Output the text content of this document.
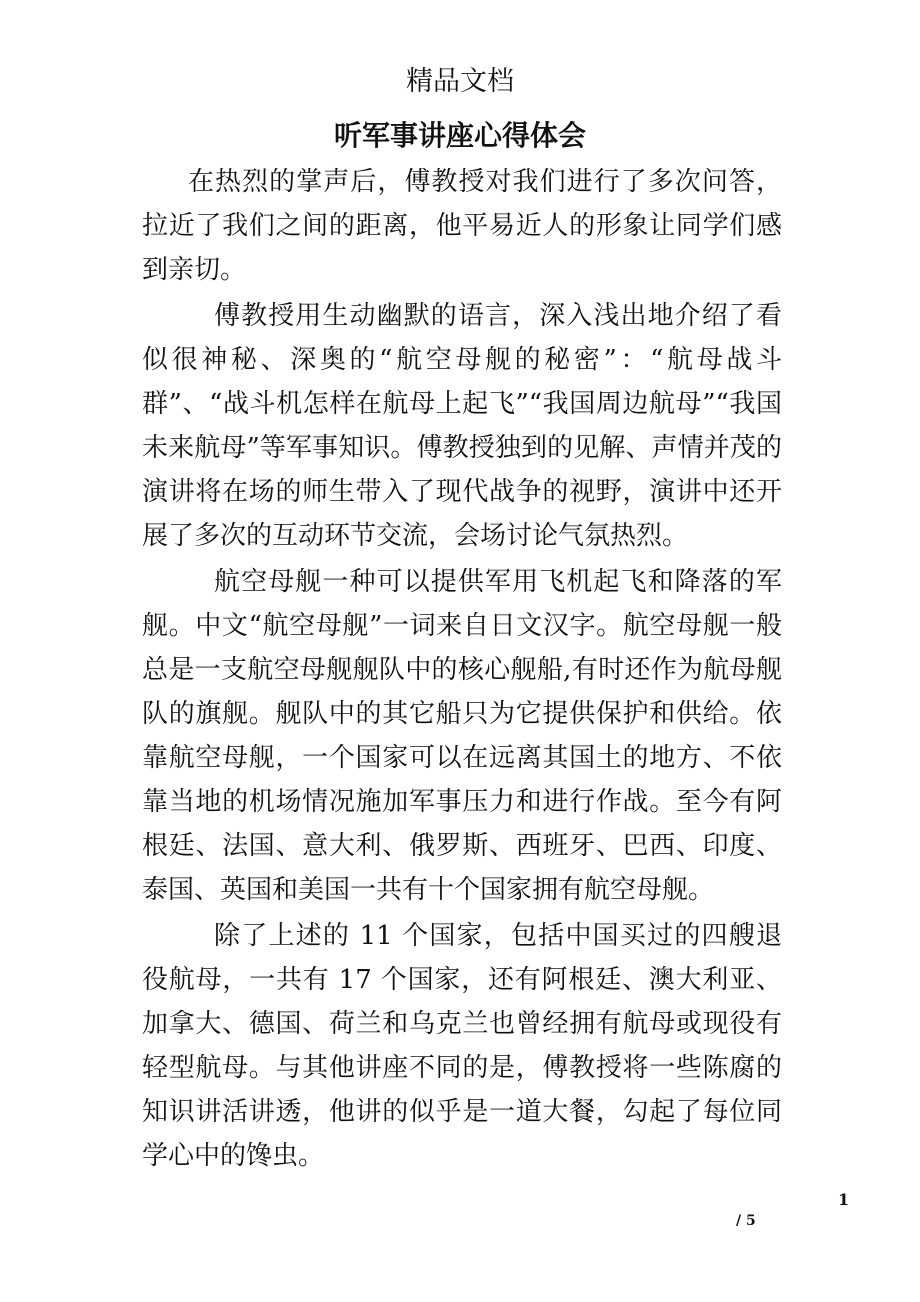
精品文档
听军事讲座心得体会

在热烈的掌声后，傅教授对我们进行了多次问答，拉近了我们之间的距离，他平易近人的形象让同学们感到亲切。

傅教授用生动幽默的语言，深入浅出地介绍了看似很神秘、深奥的“航空母舰的秘密”：“航母战斗群”、“战斗机怎样在航母上起飞”“我国周边航母”“我国未来航母”等军事知识。傅教授独到的见解、声情并茂的演讲将在场的师生带入了现代战争的视野，演讲中还开展了多次的互动环节交流，会场讨论气氛热烈。

航空母舰一种可以提供军用飞机起飞和降落的军舰。中文“航空母舰”一词来自日文汉字。航空母舰一般总是一支航空母舰舰队中的核心舰船,有时还作为航母舰队的旗舰。舰队中的其它船只为它提供保护和供给。依靠航空母舰，一个国家可以在远离其国土的地方、不依靠当地的机场情况施加军事压力和进行作战。至今有阿根廷、法国、意大利、俄罗斯、西班牙、巴西、印度、泰国、英国和美国一共有十个国家拥有航空母舰。

除了上述的 11 个国家，包括中国买过的四艘退役航母，一共有 17 个国家，还有阿根廷、澳大利亚、加拿大、德国、荷兰和乌克兰也曾经拥有航母或现役有轻型航母。与其他讲座不同的是，傅教授将一些陈腐的知识讲活讲透，他讲的似乎是一道大餐，勾起了每位同学心中的馋虫。

1
/ 5
